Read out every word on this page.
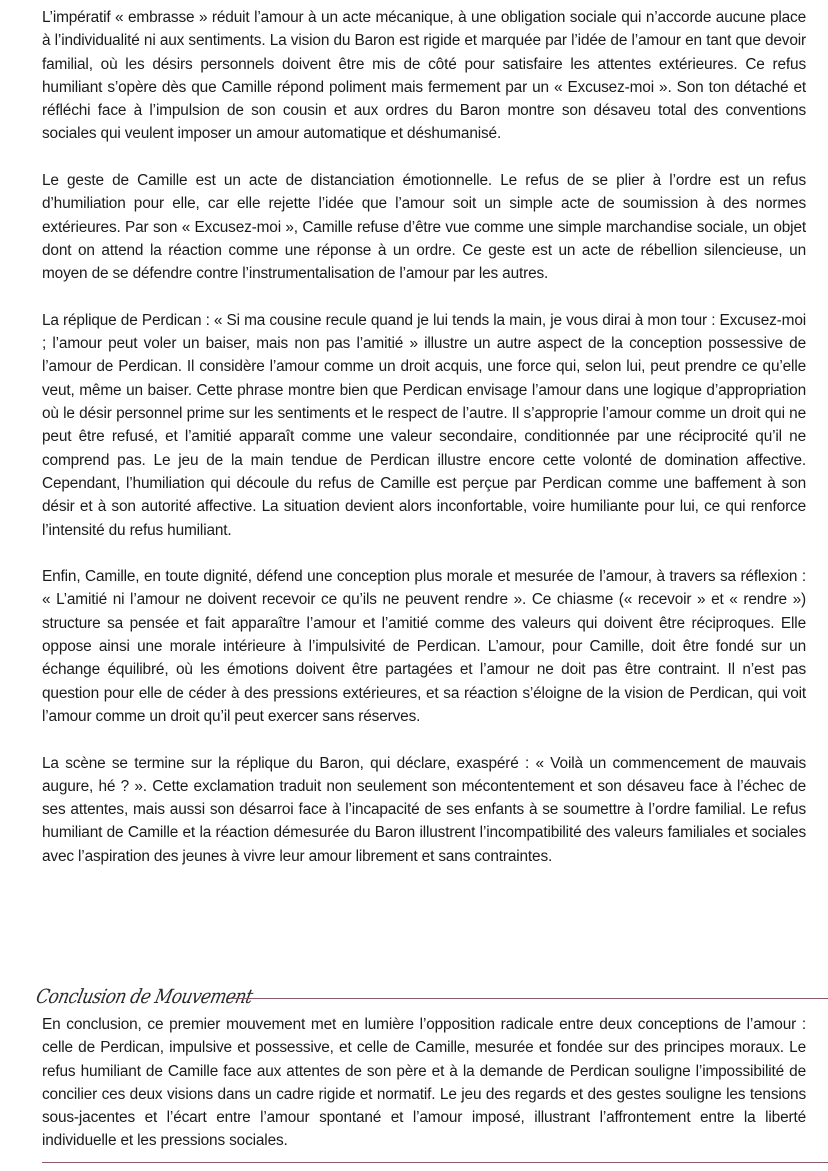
L’impératif « embrasse » réduit l’amour à un acte mécanique, à une obligation sociale qui n’accorde aucune place à l’individualité ni aux sentiments. La vision du Baron est rigide et marquée par l’idée de l’amour en tant que devoir familial, où les désirs personnels doivent être mis de côté pour satisfaire les attentes extérieures. Ce refus humiliant s’opère dès que Camille répond poliment mais fermement par un « Excusez-moi ». Son ton détaché et réfléchi face à l’impulsion de son cousin et aux ordres du Baron montre son désaveu total des conventions sociales qui veulent imposer un amour automatique et déshumanisé.

Le geste de Camille est un acte de distanciation émotionnelle. Le refus de se plier à l’ordre est un refus d’humiliation pour elle, car elle rejette l’idée que l’amour soit un simple acte de soumission à des normes extérieures. Par son « Excusez-moi », Camille refuse d’être vue comme une simple marchandise sociale, un objet dont on attend la réaction comme une réponse à un ordre. Ce geste est un acte de rébellion silencieuse, un moyen de se défendre contre l’instrumentalisation de l’amour par les autres.

La réplique de Perdican : « Si ma cousine recule quand je lui tends la main, je vous dirai à mon tour : Excusez-moi ; l’amour peut voler un baiser, mais non pas l’amitié » illustre un autre aspect de la conception possessive de l’amour de Perdican. Il considère l’amour comme un droit acquis, une force qui, selon lui, peut prendre ce qu’elle veut, même un baiser. Cette phrase montre bien que Perdican envisage l’amour dans une logique d’appropriation où le désir personnel prime sur les sentiments et le respect de l’autre. Il s’approprie l’amour comme un droit qui ne peut être refusé, et l’amitié apparaît comme une valeur secondaire, conditionnée par une réciprocité qu’il ne comprend pas. Le jeu de la main tendue de Perdican illustre encore cette volonté de domination affective. Cependant, l’humiliation qui découle du refus de Camille est perçue par Perdican comme une baffement à son désir et à son autorité affective. La situation devient alors inconfortable, voire humiliante pour lui, ce qui renforce l’intensité du refus humiliant.

Enfin, Camille, en toute dignité, défend une conception plus morale et mesurée de l’amour, à travers sa réflexion : « L’amitié ni l’amour ne doivent recevoir ce qu’ils ne peuvent rendre ». Ce chiasme (« recevoir » et « rendre ») structure sa pensée et fait apparaître l’amour et l’amitié comme des valeurs qui doivent être réciproques. Elle oppose ainsi une morale intérieure à l’impulsivité de Perdican. L’amour, pour Camille, doit être fondé sur un échange équilibré, où les émotions doivent être partagées et l’amour ne doit pas être contraint. Il n’est pas question pour elle de céder à des pressions extérieures, et sa réaction s’éloigne de la vision de Perdican, qui voit l’amour comme un droit qu’il peut exercer sans réserves.

La scène se termine sur la réplique du Baron, qui déclare, exaspéré : « Voilà un commencement de mauvais augure, hé ? ». Cette exclamation traduit non seulement son mécontentement et son désaveu face à l’échec de ses attentes, mais aussi son désarroi face à l’incapacité de ses enfants à se soumettre à l’ordre familial. Le refus humiliant de Camille et la réaction démesurée du Baron illustrent l’incompatibilité des valeurs familiales et sociales avec l’aspiration des jeunes à vivre leur amour librement et sans contraintes.

Conclusion de Mouvement

En conclusion, ce premier mouvement met en lumière l’opposition radicale entre deux conceptions de l’amour : celle de Perdican, impulsive et possessive, et celle de Camille, mesurée et fondée sur des principes moraux. Le refus humiliant de Camille face aux attentes de son père et à la demande de Perdican souligne l’impossibilité de concilier ces deux visions dans un cadre rigide et normatif. Le jeu des regards et des gestes souligne les tensions sous-jacentes et l’écart entre l’amour spontané et l’amour imposé, illustrant l’affrontement entre la liberté individuelle et les pressions sociales.
